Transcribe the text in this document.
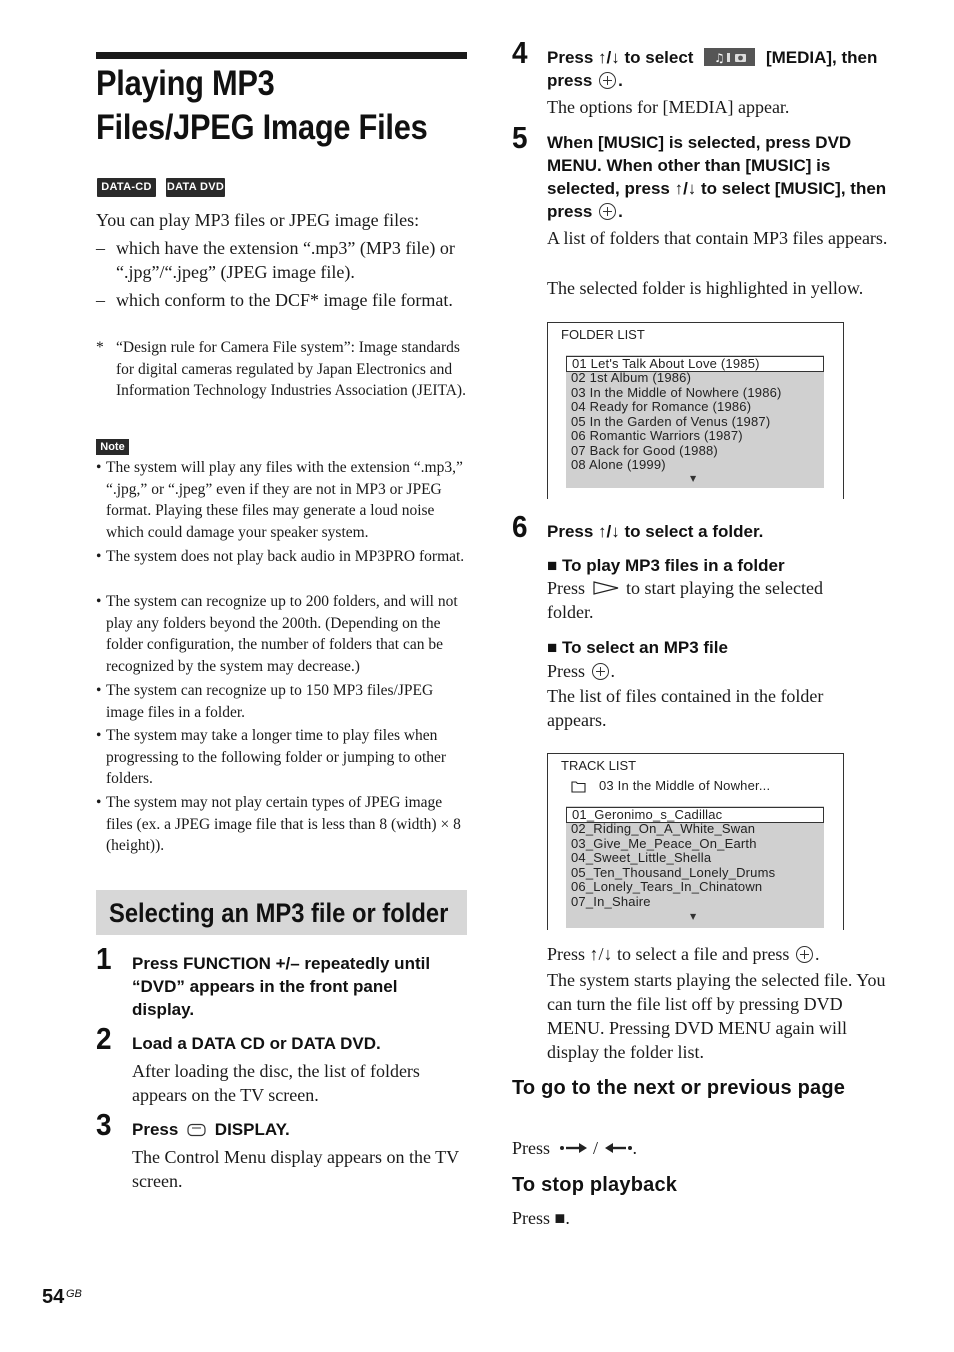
Playing MP3 Files/JPEG Image Files
DATA-CD	DATA DVD
You can play MP3 files or JPEG image files:
– which have the extension “.mp3” (MP3 file) or “.jpg”/“.jpeg” (JPEG image file).
– which conform to the DCF* image file format.
* “Design rule for Camera File system”: Image standards for digital cameras regulated by Japan Electronics and Information Technology Industries Association (JEITA).
Note
• The system will play any files with the extension “.mp3,” “.jpg,” or “.jpeg” even if they are not in MP3 or JPEG format. Playing these files may generate a loud noise which could damage your speaker system.
• The system does not play back audio in MP3PRO format.
• The system can recognize up to 200 folders, and will not play any folders beyond the 200th. (Depending on the folder configuration, the number of folders that can be recognized by the system may decrease.)
• The system can recognize up to 150 MP3 files/JPEG image files in a folder.
• The system may take a longer time to play files when progressing to the following folder or jumping to other folders.
• The system may not play certain types of JPEG image files (ex. a JPEG image file that is less than 8 (width) × 8 (height)).
Selecting an MP3 file or folder
1 Press FUNCTION +/– repeatedly until “DVD” appears in the front panel display.
2 Load a DATA CD or DATA DVD.
After loading the disc, the list of folders appears on the TV screen.
3 Press DISPLAY.
The Control Menu display appears on the TV screen.
4 Press ↑/↓ to select ♫ [MEDIA], then press .
The options for [MEDIA] appear.
5 When [MUSIC] is selected, press DVD MENU. When other than [MUSIC] is selected, press ↑/↓ to select [MUSIC], then press .
A list of folders that contain MP3 files appears.
The selected folder is highlighted in yellow.
FOLDER LIST
01 Let's Talk About Love (1985)
02 1st Album (1986)
03 In the Middle of Nowhere (1986)
04 Ready for Romance (1986)
05 In the Garden of Venus (1987)
06 Romantic Warriors (1987)
07 Back for Good (1988)
08 Alone (1999)
▼
6 Press ↑/↓ to select a folder.
■ To play MP3 files in a folder
Press to start playing the selected folder.
■ To select an MP3 file
Press .
The list of files contained in the folder appears.
TRACK LIST
03 In the Middle of Nowher...
01_Geronimo_s_Cadillac
02_Riding_On_A_White_Swan
03_Give_Me_Peace_On_Earth
04_Sweet_Little_Shella
05_Ten_Thousand_Lonely_Drums
06_Lonely_Tears_In_Chinatown
07_In_Shaire
▼
Press ↑/↓ to select a file and press .
The system starts playing the selected file. You can turn the file list off by pressing DVD MENU. Pressing DVD MENU again will display the folder list.
To go to the next or previous page
Press / .
To stop playback
Press ■.
54 GB
